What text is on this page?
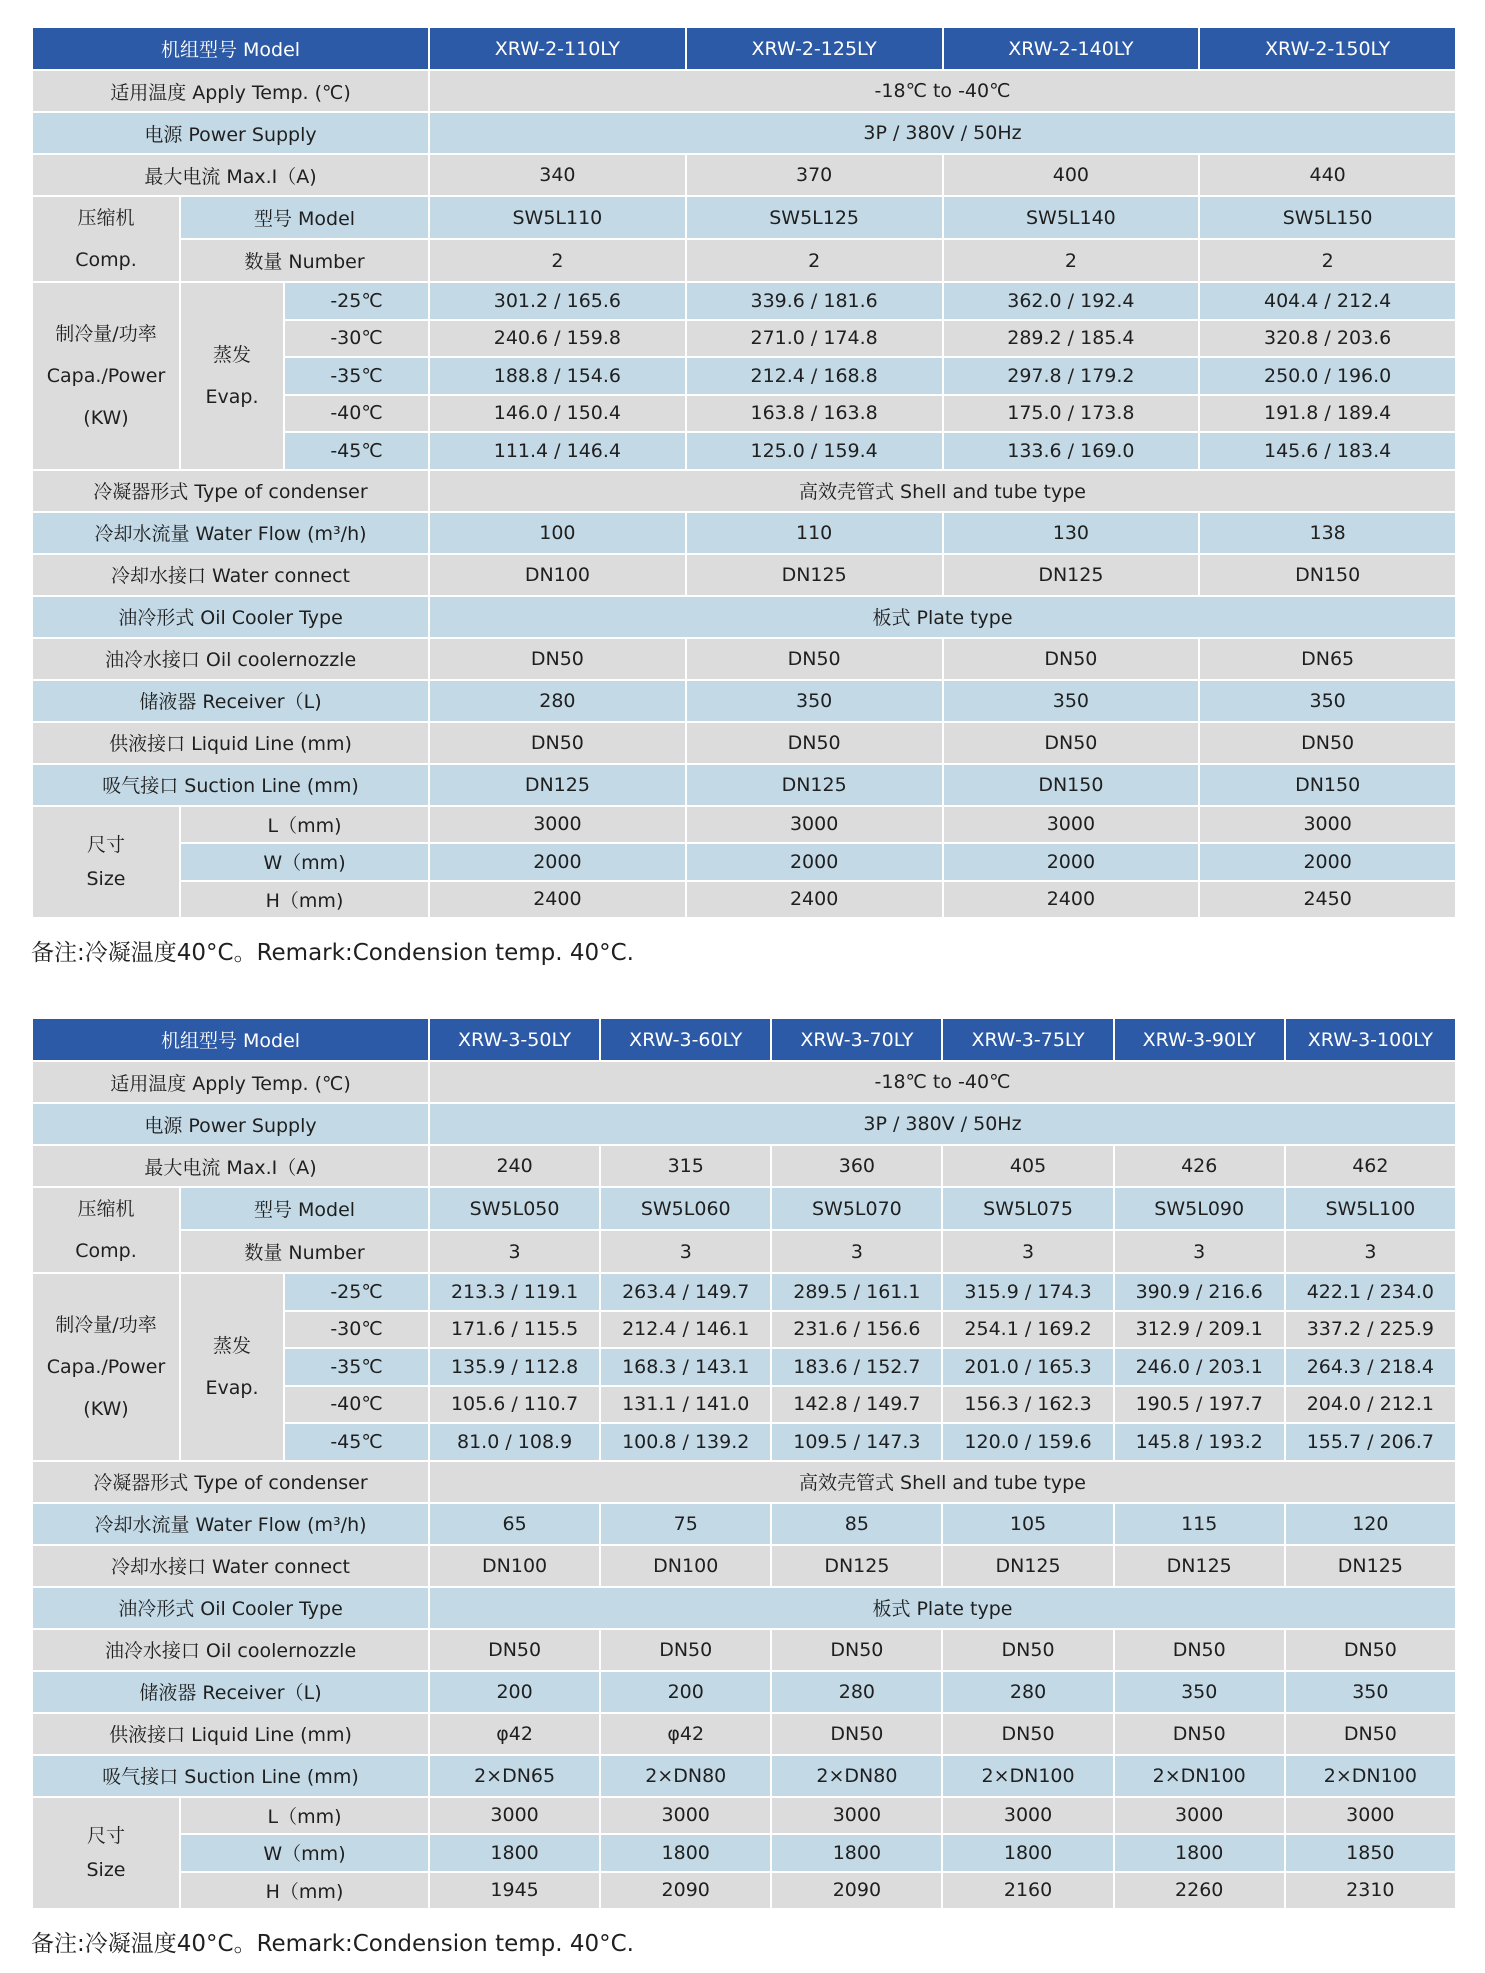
机组型号 Model			XRW-2-110LY	XRW-2-125LY	XRW-2-140LY	XRW-2-150LY
适用温度 Apply Temp. (℃)			-18℃ to -40℃			
电源 Power Supply			3P / 380V / 50Hz			
最大电流 Max.I（A)			340	370	400	440

压缩机
Comp.	型号 Model		SW5L110	SW5L125	SW5L140	SW5L150
	数量 Number		2	2	2	2

制冷量/功率
Capa./Power
(KW)	蒸发
Evap.	-25℃	301.2 / 165.6	339.6 / 181.6	362.0 / 192.4	404.4 / 212.4
		-30℃	240.6 / 159.8	271.0 / 174.8	289.2 / 185.4	320.8 / 203.6
		-35℃	188.8 / 154.6	212.4 / 168.8	297.8 / 179.2	250.0 / 196.0
		-40℃	146.0 / 150.4	163.8 / 163.8	175.0 / 173.8	191.8 / 189.4
		-45℃	111.4 / 146.4	125.0 / 159.4	133.6 / 169.0	145.6 / 183.4
冷凝器形式 Type of condenser			高效壳管式 Shell and tube type			
冷却水流量 Water Flow (m³/h)			100	110	130	138
冷却水接口 Water connect			DN100	DN125	DN125	DN150
油冷形式 Oil Cooler Type			板式 Plate type			
油冷水接口 Oil coolernozzle			DN50	DN50	DN50	DN65
储液器 Receiver（L)			280	350	350	350
供液接口 Liquid Line (mm)			DN50	DN50	DN50	DN50
吸气接口 Suction Line (mm)			DN125	DN125	DN150	DN150

尺寸
Size	L（mm)		3000	3000	3000	3000
	W（mm)		2000	2000	2000	2000
	H（mm)		2400	2400	2400	2450
备注:冷凝温度40°C。Remark:Condension temp. 40°C.
机组型号 Model			XRW-3-50LY	XRW-3-60LY	XRW-3-70LY	XRW-3-75LY	XRW-3-90LY	XRW-3-100LY
适用温度 Apply Temp. (℃)			-18℃ to -40℃					
电源 Power Supply			3P / 380V / 50Hz					
最大电流 Max.I（A)			240	315	360	405	426	462

压缩机
Comp.	型号 Model		SW5L050	SW5L060	SW5L070	SW5L075	SW5L090	SW5L100
	数量 Number		3	3	3	3	3	3

制冷量/功率
Capa./Power
(KW)	蒸发
Evap.	-25℃	213.3 / 119.1	263.4 / 149.7	289.5 / 161.1	315.9 / 174.3	390.9 / 216.6	422.1 / 234.0
		-30℃	171.6 / 115.5	212.4 / 146.1	231.6 / 156.6	254.1 / 169.2	312.9 / 209.1	337.2 / 225.9
		-35℃	135.9 / 112.8	168.3 / 143.1	183.6 / 152.7	201.0 / 165.3	246.0 / 203.1	264.3 / 218.4
		-40℃	105.6 / 110.7	131.1 / 141.0	142.8 / 149.7	156.3 / 162.3	190.5 / 197.7	204.0 / 212.1
		-45℃	81.0 / 108.9	100.8 / 139.2	109.5 / 147.3	120.0 / 159.6	145.8 / 193.2	155.7 / 206.7
冷凝器形式 Type of condenser			高效壳管式 Shell and tube type					
冷却水流量 Water Flow (m³/h)			65	75	85	105	115	120
冷却水接口 Water connect			DN100	DN100	DN125	DN125	DN125	DN125
油冷形式 Oil Cooler Type			板式 Plate type					
油冷水接口 Oil coolernozzle			DN50	DN50	DN50	DN50	DN50	DN50
储液器 Receiver（L)			200	200	280	280	350	350
供液接口 Liquid Line (mm)			φ42	φ42	DN50	DN50	DN50	DN50
吸气接口 Suction Line (mm)			2×DN65	2×DN80	2×DN80	2×DN100	2×DN100	2×DN100

尺寸
Size	L（mm)		3000	3000	3000	3000	3000	3000
	W（mm)		1800	1800	1800	1800	1800	1850
	H（mm)		1945	2090	2090	2160	2260	2310
备注:冷凝温度40°C。Remark:Condension temp. 40°C.
